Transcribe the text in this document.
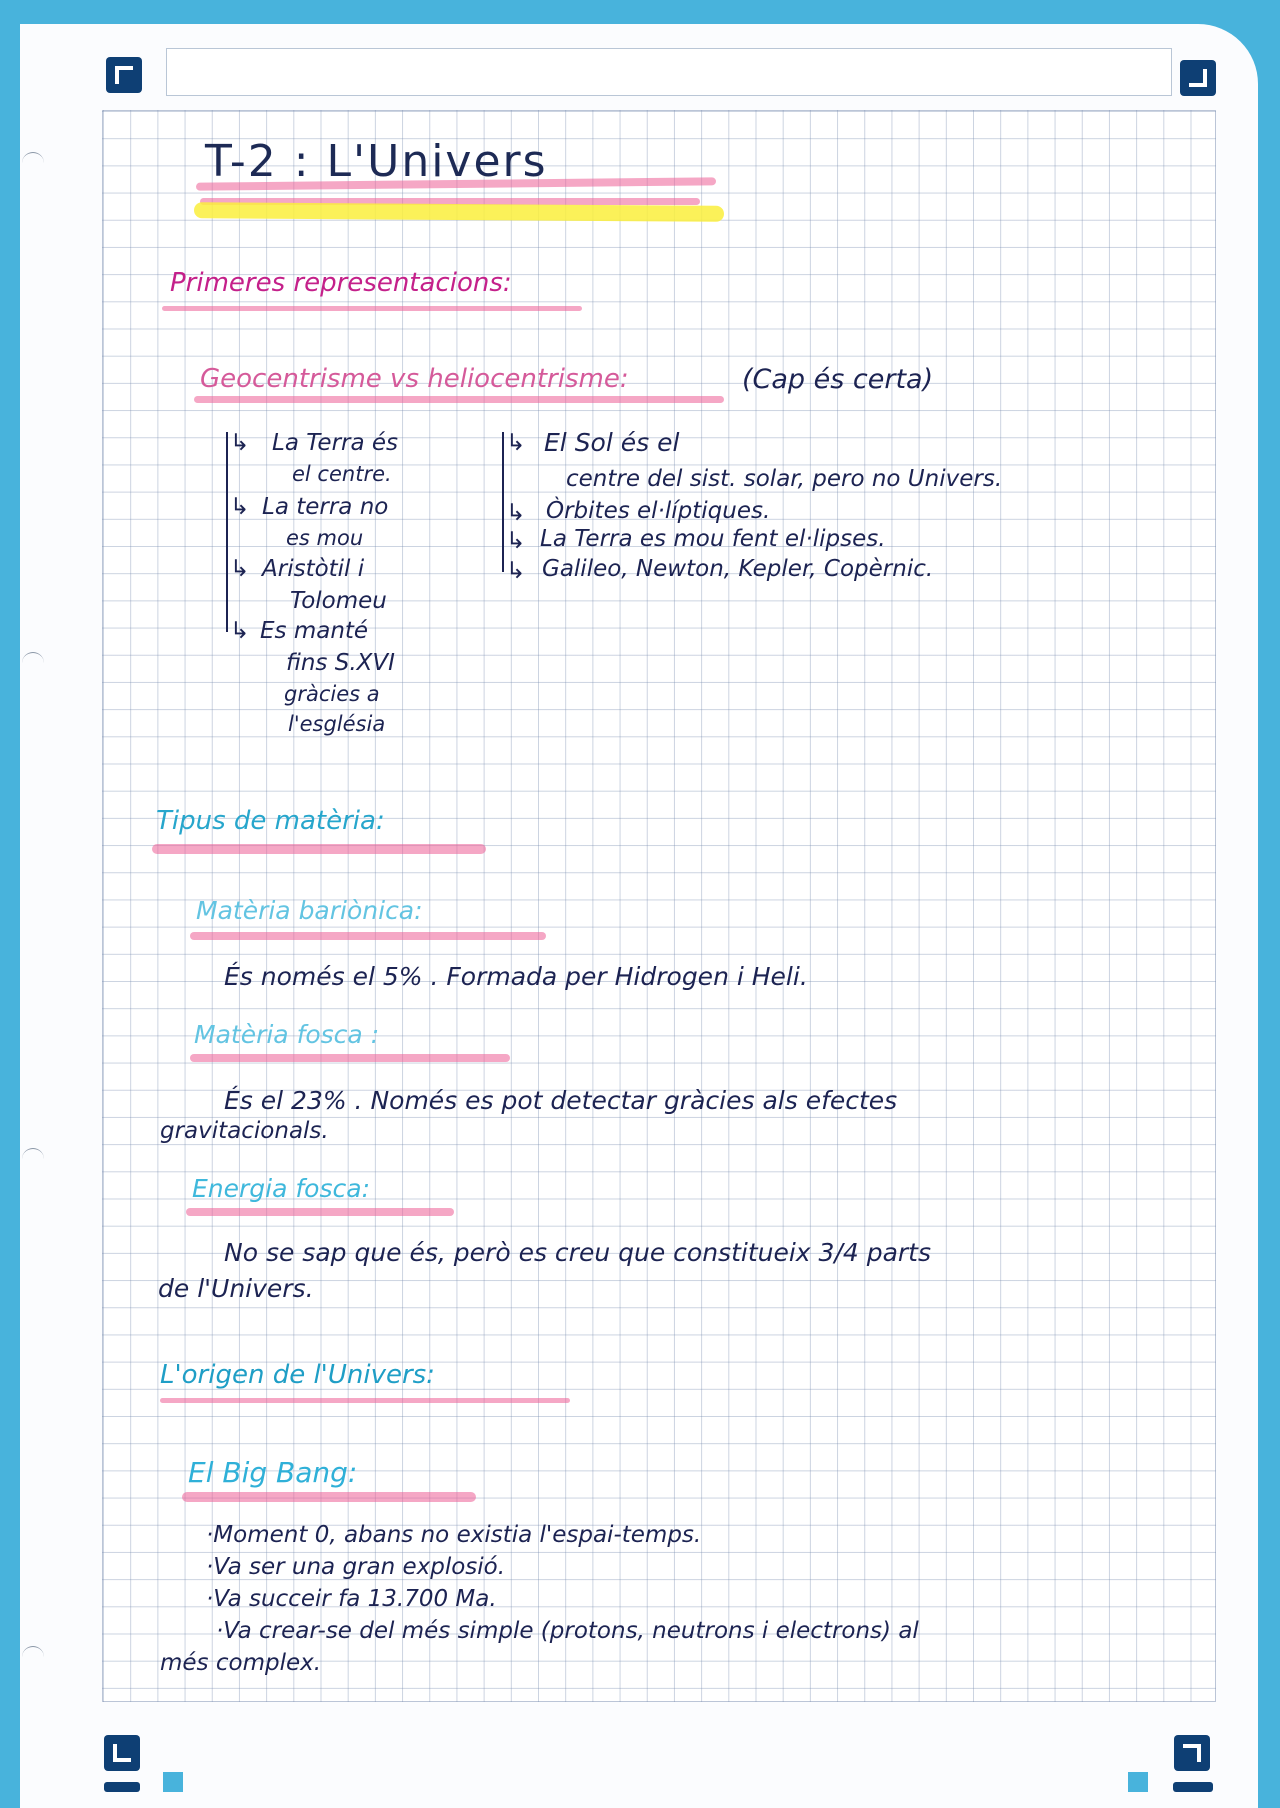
T-2 : L'Univers
Primeres representacions:
Geocentrisme vs heliocentrisme:	(Cap és certa)
↳ La Terra és
el centre.
↳ La terra no
es mou
↳ Aristòtil i
Tolomeu
↳ Es manté
fins S.XVI
gràcies a
l'església
↳ El Sol és el
centre del sist. solar, pero no Univers.
↳ Òrbites el·líptiques.
↳ La Terra es mou fent el·lipses.
↳ Galileo, Newton, Kepler, Copèrnic.
Tipus de matèria:
Matèria bariònica:
És només el 5% . Formada per Hidrogen i Heli.
Matèria fosca :
És el 23% . Només es pot detectar gràcies als efectes
gravitacionals.
Energia fosca:
No se sap que és, però es creu que constitueix 3/4 parts
de l'Univers.
L'origen de l'Univers:
El Big Bang:
·Moment 0, abans no existia l'espai-temps.
·Va ser una gran explosió.
·Va succeir fa 13.700 Ma.
·Va crear-se del més simple (protons, neutrons i electrons) al
més complex.
